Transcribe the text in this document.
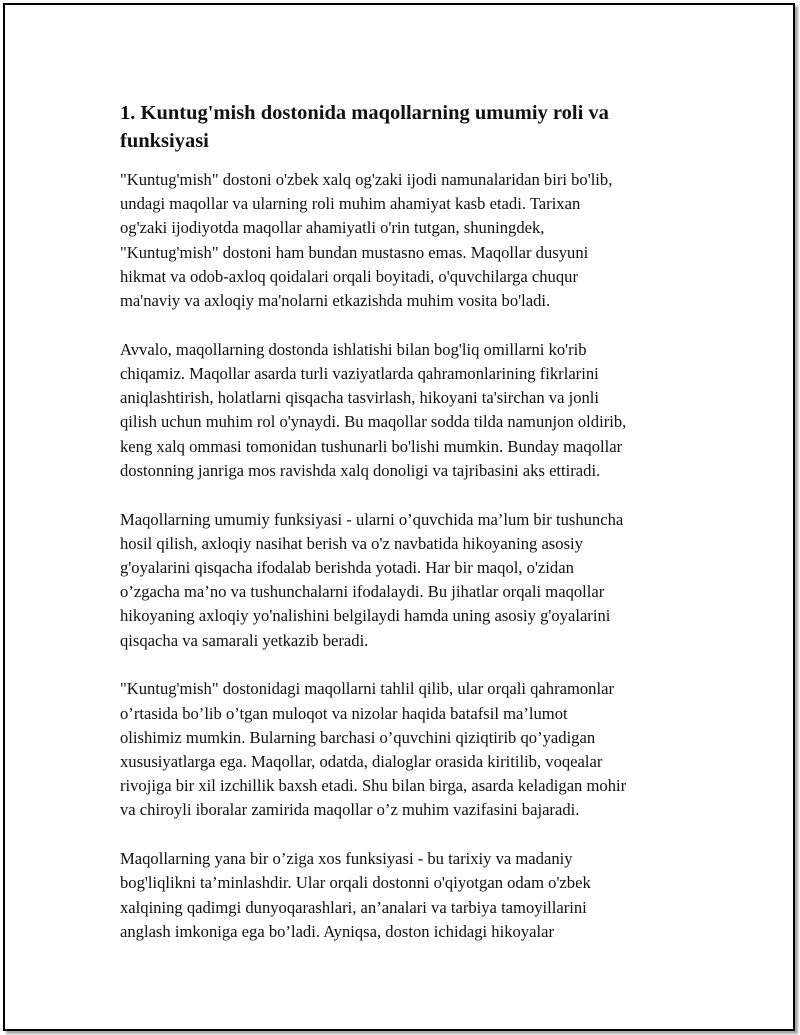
1. Kuntug'mish dostonida maqollarning umumiy roli va
funksiyasi

"Kuntug'mish" dostoni o'zbek xalq og'zaki ijodi namunalaridan biri bo'lib,
undagi maqollar va ularning roli muhim ahamiyat kasb etadi. Tarixan
og'zaki ijodiyotda maqollar ahamiyatli o'rin tutgan, shuningdek,
"Kuntug'mish" dostoni ham bundan mustasno emas. Maqollar dusyuni
hikmat va odob-axloq qoidalari orqali boyitadi, o'quvchilarga chuqur
ma'naviy va axloqiy ma'nolarni etkazishda muhim vosita bo'ladi.

Avvalo, maqollarning dostonda ishlatishi bilan bog'liq omillarni ko'rib
chiqamiz. Maqollar asarda turli vaziyatlarda qahramonlarining fikrlarini
aniqlashtirish, holatlarni qisqacha tasvirlash, hikoyani ta'sirchan va jonli
qilish uchun muhim rol o'ynaydi. Bu maqollar sodda tilda namunjon oldirib,
keng xalq ommasi tomonidan tushunarli bo'lishi mumkin. Bunday maqollar
dostonning janriga mos ravishda xalq donoligi va tajribasini aks ettiradi.

Maqollarning umumiy funksiyasi - ularni o’quvchida ma’lum bir tushuncha
hosil qilish, axloqiy nasihat berish va o'z navbatida hikoyaning asosiy
g'oyalarini qisqacha ifodalab berishda yotadi. Har bir maqol, o'zidan
o’zgacha ma’no va tushunchalarni ifodalaydi. Bu jihatlar orqali maqollar
hikoyaning axloqiy yo'nalishini belgilaydi hamda uning asosiy g'oyalarini
qisqacha va samarali yetkazib beradi.

"Kuntug'mish" dostonidagi maqollarni tahlil qilib, ular orqali qahramonlar
o’rtasida bo’lib o’tgan muloqot va nizolar haqida batafsil ma’lumot
olishimiz mumkin. Bularning barchasi o’quvchini qiziqtirib qo’yadigan
xususiyatlarga ega. Maqollar, odatda, dialoglar orasida kiritilib, voqealar
rivojiga bir xil izchillik baxsh etadi. Shu bilan birga, asarda keladigan mohir
va chiroyli iboralar zamirida maqollar o’z muhim vazifasini bajaradi.

Maqollarning yana bir o’ziga xos funksiyasi - bu tarixiy va madaniy
bog'liqlikni ta’minlashdir. Ular orqali dostonni o'qiyotgan odam o'zbek
xalqining qadimgi dunyoqarashlari, an’analari va tarbiya tamoyillarini
anglash imkoniga ega bo’ladi. Ayniqsa, doston ichidagi hikoyalar
